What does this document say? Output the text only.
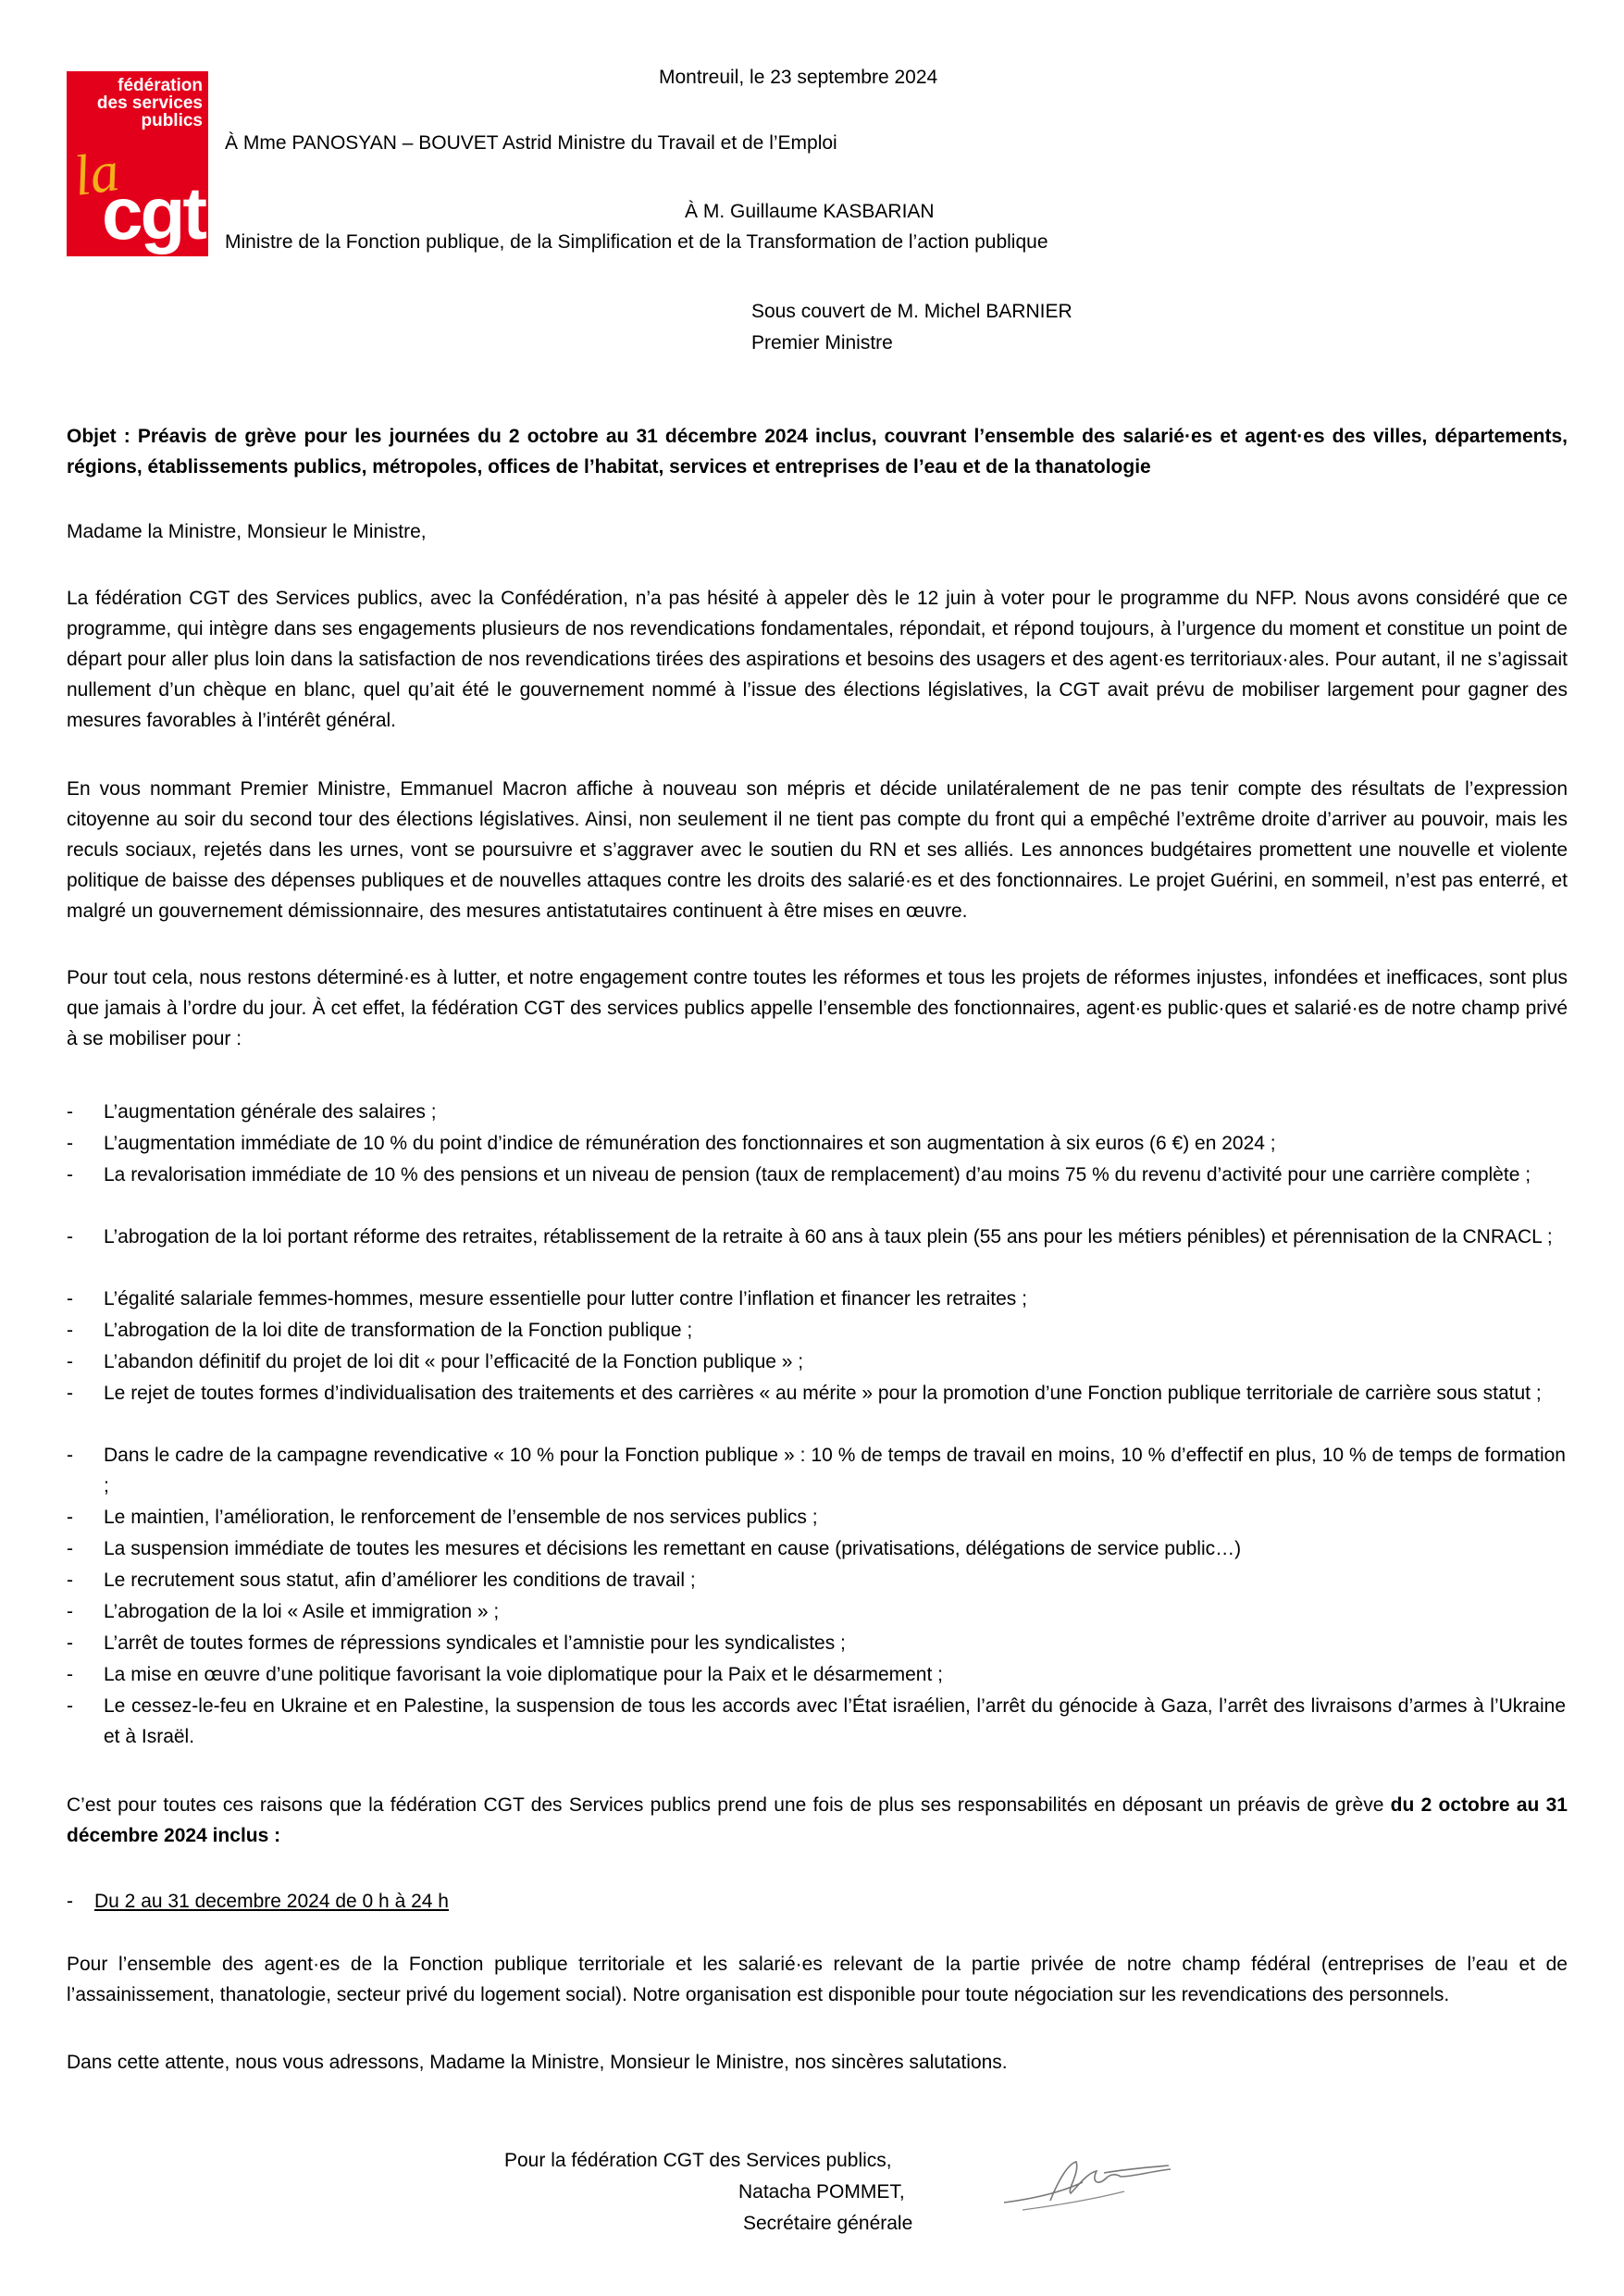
fédération
des services
publics
la
cgt
Montreuil, le 23 septembre 2024
À Mme PANOSYAN – BOUVET Astrid Ministre du Travail et de l’Emploi
À M. Guillaume KASBARIAN
Ministre de la Fonction publique, de la Simplification et de la Transformation de l’action publique
Sous couvert de M. Michel BARNIER
Premier Ministre
Objet : Préavis de grève pour les journées du 2 octobre au 31 décembre 2024 inclus, couvrant l’ensemble des salarié·es et agent·es des villes, départements, régions, établissements publics, métropoles, offices de l’habitat, services et entreprises de l’eau et de la thanatologie
Madame la Ministre, Monsieur le Ministre,
La fédération CGT des Services publics, avec la Confédération, n’a pas hésité à appeler dès le 12 juin à voter pour le programme du NFP. Nous avons considéré que ce programme, qui intègre dans ses engagements plusieurs de nos revendications fondamentales, répondait, et répond toujours, à l’urgence du moment et constitue un point de départ pour aller plus loin dans la satisfaction de nos revendications tirées des aspirations et besoins des usagers et des agent·es territoriaux·ales. Pour autant, il ne s’agissait nullement d’un chèque en blanc, quel qu’ait été le gouvernement nommé à l’issue des élections législatives, la CGT avait prévu de mobiliser largement pour gagner des mesures favorables à l’intérêt général.
En vous nommant Premier Ministre, Emmanuel Macron affiche à nouveau son mépris et décide unilatéralement de ne pas tenir compte des résultats de l’expression citoyenne au soir du second tour des élections législatives. Ainsi, non seulement il ne tient pas compte du front qui a empêché l’extrême droite d’arriver au pouvoir, mais les reculs sociaux, rejetés dans les urnes, vont se poursuivre et s’aggraver avec le soutien du RN et ses alliés. Les annonces budgétaires promettent une nouvelle et violente politique de baisse des dépenses publiques et de nouvelles attaques contre les droits des salarié·es et des fonctionnaires. Le projet Guérini, en sommeil, n’est pas enterré, et malgré un gouvernement démissionnaire, des mesures antistatutaires continuent à être mises en œuvre.
Pour tout cela, nous restons déterminé·es à lutter, et notre engagement contre toutes les réformes et tous les projets de réformes injustes, infondées et inefficaces, sont plus que jamais à l’ordre du jour. À cet effet, la fédération CGT des services publics appelle l’ensemble des fonctionnaires, agent·es public·ques et salarié·es de notre champ privé à se mobiliser pour :
- L’augmentation générale des salaires ;
- L’augmentation immédiate de 10 % du point d’indice de rémunération des fonctionnaires et son augmentation à six euros (6 €) en 2024 ;
- La revalorisation immédiate de 10 % des pensions et un niveau de pension (taux de remplacement) d’au moins 75 % du revenu d’activité pour une carrière complète ;
- L’abrogation de la loi portant réforme des retraites, rétablissement de la retraite à 60 ans à taux plein (55 ans pour les métiers pénibles) et pérennisation de la CNRACL ;
- L’égalité salariale femmes-hommes, mesure essentielle pour lutter contre l’inflation et financer les retraites ;
- L’abrogation de la loi dite de transformation de la Fonction publique ;
- L’abandon définitif du projet de loi dit « pour l’efficacité de la Fonction publique » ;
- Le rejet de toutes formes d’individualisation des traitements et des carrières « au mérite » pour la promotion d’une Fonction publique territoriale de carrière sous statut ;
- Dans le cadre de la campagne revendicative « 10 % pour la Fonction publique » : 10 % de temps de travail en moins, 10 % d’effectif en plus, 10 % de temps de formation ;
- Le maintien, l’amélioration, le renforcement de l’ensemble de nos services publics ;
- La suspension immédiate de toutes les mesures et décisions les remettant en cause (privatisations, délégations de service public…)
- Le recrutement sous statut, afin d’améliorer les conditions de travail ;
- L’abrogation de la loi « Asile et immigration » ;
- L’arrêt de toutes formes de répressions syndicales et l’amnistie pour les syndicalistes ;
- La mise en œuvre d’une politique favorisant la voie diplomatique pour la Paix et le désarmement ;
- Le cessez-le-feu en Ukraine et en Palestine, la suspension de tous les accords avec l’État israélien, l’arrêt du génocide à Gaza, l’arrêt des livraisons d’armes à l’Ukraine et à Israël.
C’est pour toutes ces raisons que la fédération CGT des Services publics prend une fois de plus ses responsabilités en déposant un préavis de grève du 2 octobre au 31 décembre 2024 inclus :
- Du 2 au 31 decembre 2024 de 0 h à 24 h
Pour l’ensemble des agent·es de la Fonction publique territoriale et les salarié·es relevant de la partie privée de notre champ fédéral (entreprises de l’eau et de l’assainissement, thanatologie, secteur privé du logement social). Notre organisation est disponible pour toute négociation sur les revendications des personnels.
Dans cette attente, nous vous adressons, Madame la Ministre, Monsieur le Ministre, nos sincères salutations.
Pour la fédération CGT des Services publics,
Natacha POMMET,
Secrétaire générale
